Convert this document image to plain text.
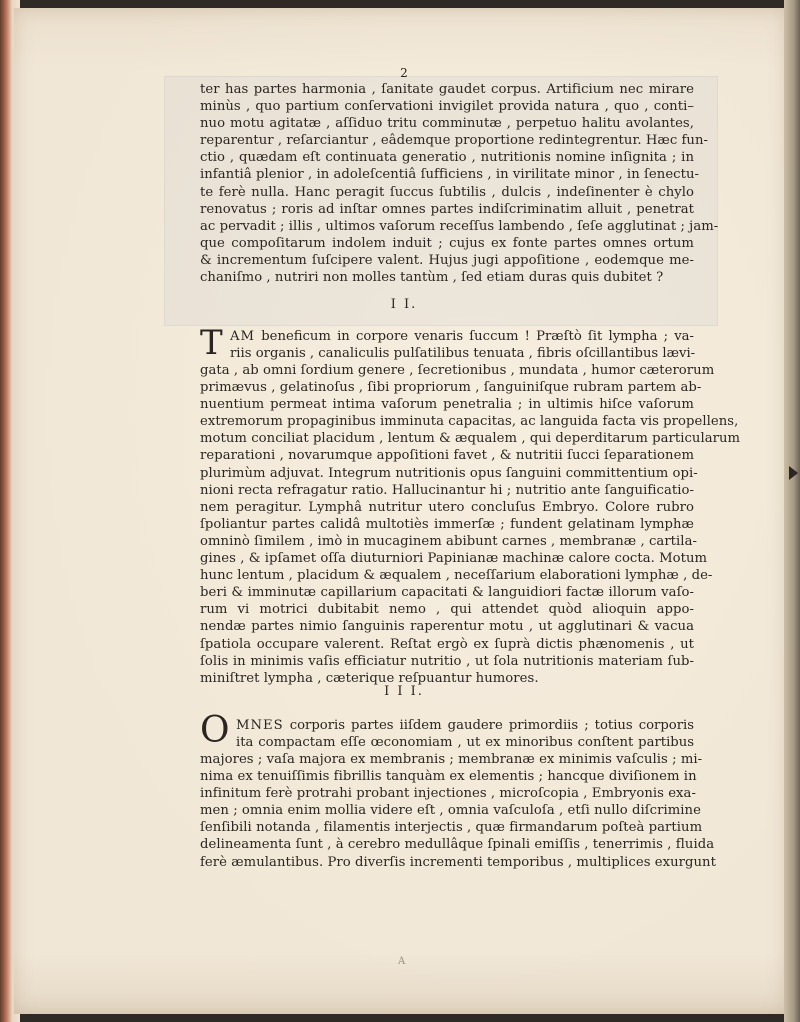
2
ter has partes harmonia , ſanitate gaudet corpus. Artificium nec mirare
minùs , quo partium conſervationi invigilet provida natura , quo , conti–
nuo motu agitatæ , aſſiduo tritu comminutæ , perpetuo halitu avolantes,
reparentur , reſarciantur , eâdemque proportione redintegrentur. Hæc fun-
ctio , quædam eſt continuata generatio , nutritionis nomine inſignita ; in
infantiâ plenior , in adoleſcentiâ ſufficiens , in virilitate minor , in ſenectu-
te ferè nulla. Hanc peragit ſuccus ſubtilis , dulcis , indeſinenter è chylo
renovatus ; roris ad inſtar omnes partes indiſcriminatim alluit , penetrat
ac pervadit ; illis , ultimos vaſorum receſſus lambendo , ſeſe agglutinat ; jam-
que compoſitarum indolem induit ; cujus ex fonte partes omnes ortum
& incrementum ſuſcipere valent. Hujus jugi appoſitione , eodemque me-
chaniſmo , nutriri non molles tantùm , ſed etiam duras quis dubitet ?
I I.
T AM beneficum in corpore venaris ſuccum ! Præſtò ſit lympha ; va-
riis organis , canaliculis pulſatilibus tenuata , fibris oſcillantibus lævi-
gata , ab omni ſordium genere , ſecretionibus , mundata , humor cæterorum
primævus , gelatinoſus , ſibi propriorum , ſanguiniſque rubram partem ab-
nuentium permeat intima vaſorum penetralia ; in ultimis hiſce vaſorum
extremorum propaginibus imminuta capacitas, ac languida facta vis propellens,
motum conciliat placidum , lentum & æqualem , qui deperditarum particularum
reparationi , novarumque appoſitioni favet , & nutritii ſucci ſeparationem
plurimùm adjuvat. Integrum nutritionis opus ſanguini committentium opi-
nioni recta refragatur ratio. Hallucinantur hi ; nutritio ante ſanguificatio-
nem peragitur. Lymphâ nutritur utero concluſus Embryo. Colore rubro
ſpoliantur partes calidâ multotiès immerſæ ; fundent gelatinam lymphæ
omninò ſimilem , imò in mucaginem abibunt carnes , membranæ , cartila-
gines , & ipſamet oſſa diuturniori Papinianæ machinæ calore cocta. Motum
hunc lentum , placidum & æqualem , neceſſarium elaborationi lymphæ , de-
beri & imminutæ capillarium capacitati & languidiori factæ illorum vaſo-
rum vi motrici dubitabit nemo , qui attendet quòd alioquin appo-
nendæ partes nimio ſanguinis raperentur motu , ut agglutinari & vacua
ſpatiola occupare valerent. Reſtat ergò ex ſuprà dictis phænomenis , ut
ſolis in minimis vaſis efficiatur nutritio , ut ſola nutritionis materiam ſub-
miniſtret lympha , cæterique reſpuantur humores.
I I I.
O MNES corporis partes iiſdem gaudere primordiis ; totius corporis
ita compactam eſſe œconomiam , ut ex minoribus conſtent partibus
majores ; vaſa majora ex membranis ; membranæ ex minimis vaſculis ; mi-
nima ex tenuiſſimis fibrillis tanquàm ex elementis ; hancque diviſionem in
infinitum ferè protrahi probant injectiones , microſcopia , Embryonis exa-
men ; omnia enim mollia videre eſt , omnia vaſculoſa , etſi nullo diſcrimine
ſenſibili notanda , filamentis interjectis , quæ firmandarum poſteà partium
delineamenta ſunt , à cerebro medullâque ſpinali emiſſis , tenerrimis , fluida
ferè æmulantibus. Pro diverſis incrementi temporibus , multiplices exurgunt
A
